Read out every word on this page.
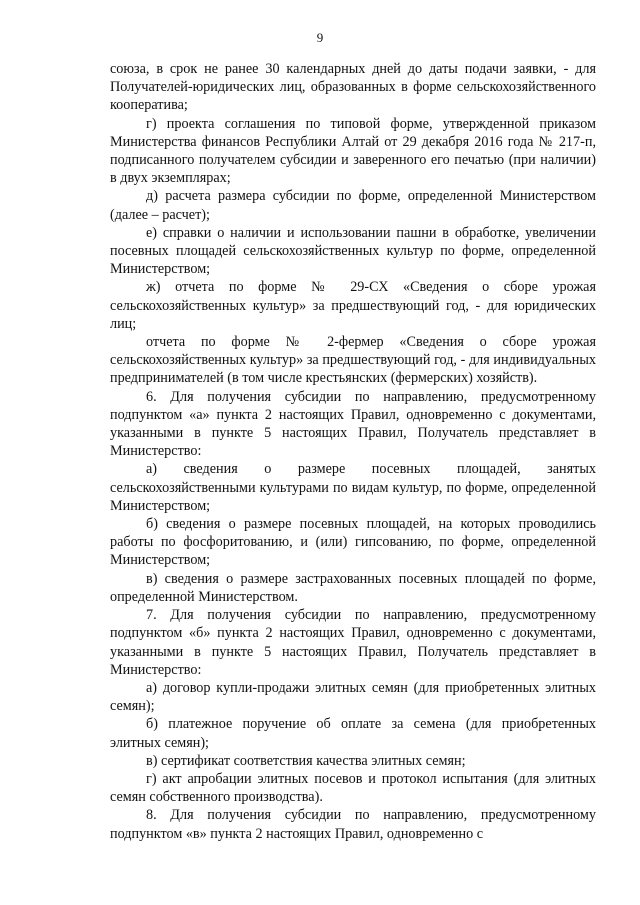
9

союза, в срок не ранее 30 календарных дней до даты подачи заявки, - для Получателей-юридических лиц, образованных в форме сельскохозяйственного кооператива;

г) проекта соглашения по типовой форме, утвержденной приказом Министерства финансов Республики Алтай от 29 декабря 2016 года № 217-п, подписанного получателем субсидии и заверенного его печатью (при наличии) в двух экземплярах;

д) расчета размера субсидии по форме, определенной Министерством (далее – расчет);

е) справки о наличии и использовании пашни в обработке, увеличении посевных площадей сельскохозяйственных культур по форме, определенной Министерством;

ж) отчета по форме № 29-СХ «Сведения о сборе урожая сельскохозяйственных культур» за предшествующий год, - для юридических лиц;

отчета по форме № 2-фермер «Сведения о сборе урожая сельскохозяйственных культур» за предшествующий год, - для индивидуальных предпринимателей (в том числе крестьянских (фермерских) хозяйств).

6. Для получения субсидии по направлению, предусмотренному подпунктом «а» пункта 2 настоящих Правил, одновременно с документами, указанными в пункте 5 настоящих Правил, Получатель представляет в Министерство:

а) сведения о размере посевных площадей, занятых сельскохозяйственными культурами по видам культур, по форме, определенной Министерством;

б) сведения о размере посевных площадей, на которых проводились работы по фосфоритованию, и (или) гипсованию, по форме, определенной Министерством;

в) сведения о размере застрахованных посевных площадей по форме, определенной Министерством.

7. Для получения субсидии по направлению, предусмотренному подпунктом «б» пункта 2 настоящих Правил, одновременно с документами, указанными в пункте 5 настоящих Правил, Получатель представляет в Министерство:

а) договор купли-продажи элитных семян (для приобретенных элитных семян);

б) платежное поручение об оплате за семена (для приобретенных элитных семян);

в) сертификат соответствия качества элитных семян;

г) акт апробации элитных посевов и протокол испытания (для элитных семян собственного производства).

8. Для получения субсидии по направлению, предусмотренному подпунктом «в» пункта 2 настоящих Правил, одновременно с
